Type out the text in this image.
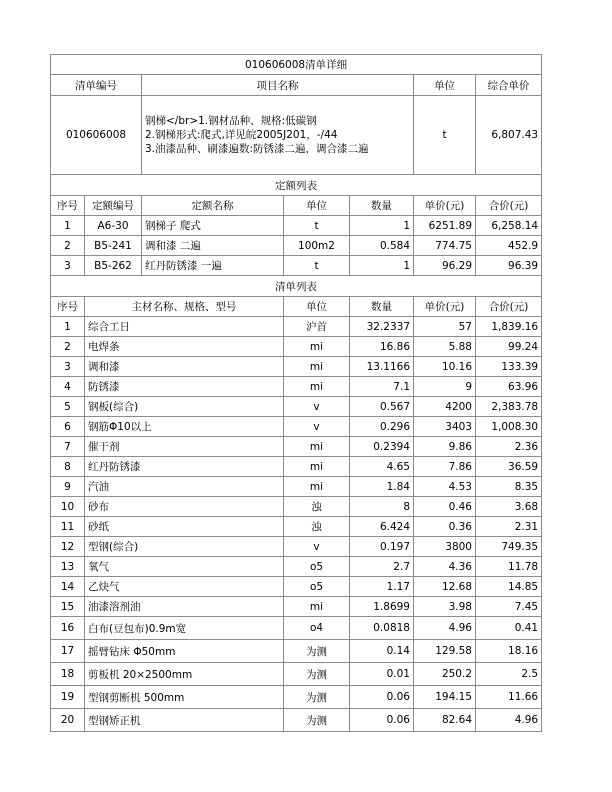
010606008清单详细						
清单编号		项目名称			单位	综合单价
010606008		钢梯</br>1.钢材品种、规格:低碳钢
2.钢梯形式:爬式,详见皖2005J201，-/44
3.油漆品种、刷漆遍数:防锈漆二遍，调合漆二遍			t	6,807.43
定额列表						
序号	定额编号	定额名称	单位	数量	单价(元)	合价(元)
1	A6-30	钢梯子 爬式	t	1	6251.89	6,258.14
2	B5-241	调和漆 二遍	100m2	0.584	774.75	452.9
3	B5-262	红丹防锈漆 一遍	t	1	96.29	96.39
清单列表						
序号	主材名称、规格、型号		单位	数量	单价(元)	合价(元)
1	综合工日		沪首	32.2337	57	1,839.16
2	电焊条		mi	16.86	5.88	99.24
3	调和漆		mi	13.1166	10.16	133.39
4	防锈漆		mi	7.1	9	63.96
5	钢板(综合)		v	0.567	4200	2,383.78
6	钢筋Φ10以上		v	0.296	3403	1,008.30
7	催干剂		mi	0.2394	9.86	2.36
8	红丹防锈漆		mi	4.65	7.86	36.59
9	汽油		mi	1.84	4.53	8.35
10	砂布		浊	8	0.46	3.68
11	砂纸		浊	6.424	0.36	2.31
12	型钢(综合)		v	0.197	3800	749.35
13	氧气		o5	2.7	4.36	11.78
14	乙炔气		o5	1.17	12.68	14.85
15	油漆溶剂油		mi	1.8699	3.98	7.45
16	白布(豆包布)0.9m宽		o4	0.0818	4.96	0.41
17	摇臂钻床 Φ50mm		为测	0.14	129.58	18.16
18	剪板机 20×2500mm		为测	0.01	250.2	2.5
19	型钢剪断机 500mm		为测	0.06	194.15	11.66
20	型钢矫正机		为测	0.06	82.64	4.96
